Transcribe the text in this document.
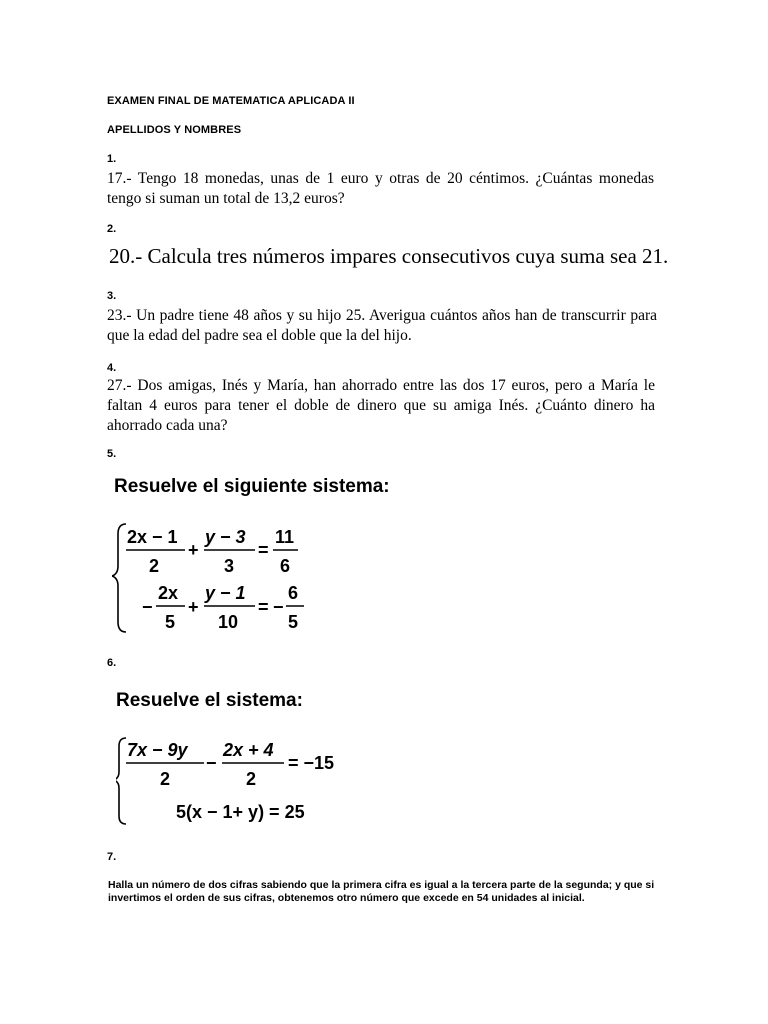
EXAMEN FINAL DE MATEMATICA APLICADA II
APELLIDOS Y NOMBRES
1.

17.- Tengo 18 monedas, unas de 1 euro y otras de 20 céntimos. ¿Cuántas monedas

tengo si suman un total de 13,2 euros?

2.
20.- Calcula tres números impares consecutivos cuya suma sea 21.
3.

23.- Un padre tiene 48 años y su hijo 25. Averigua cuántos años han de transcurrir para

que la edad del padre sea el doble que la del hijo.

4.

27.- Dos amigas, Inés y María, han ahorrado entre las dos 17 euros, pero a María le

faltan 4 euros para tener el doble de dinero que su amiga Inés. ¿Cuánto dinero ha

ahorrado cada una?

5.
Resuelve el siguiente sistema:
2x − 1
2
+
y − 3
3
=
11
6
−
2x
5
+
y − 1
10
= −
6
5
6.
Resuelve el sistema:
7x − 9y
2
−
2x + 4
2
= −15
5(x − 1+ y) = 25
7.

Halla un número de dos cifras sabiendo que la primera cifra es igual a la tercera parte de la segunda; y que si

invertimos el orden de sus cifras, obtenemos otro número que excede en 54 unidades al inicial.
